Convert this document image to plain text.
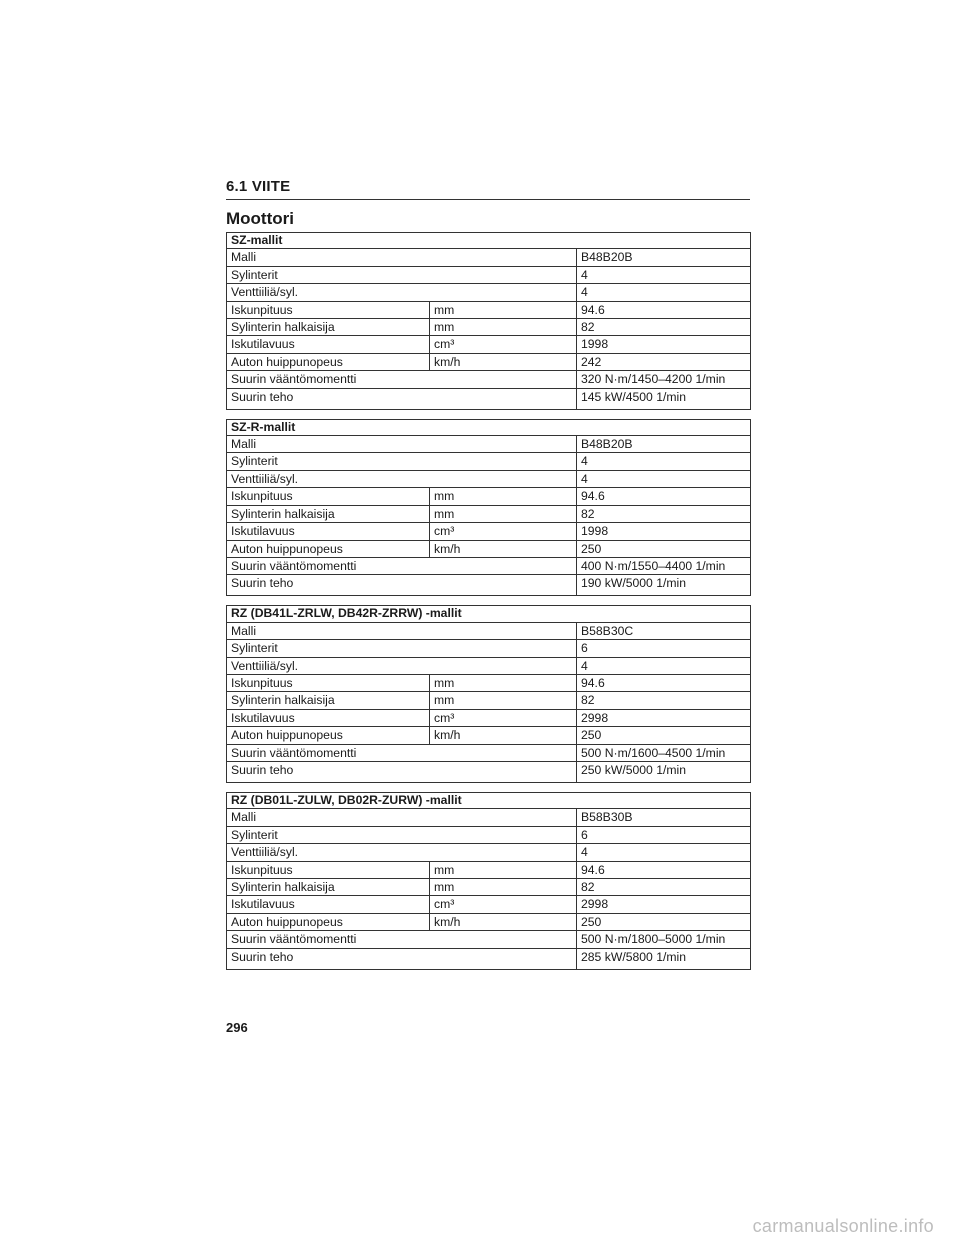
6.1 VIITE
Moottori
SZ-mallit		
Malli		B48B20B
Sylinterit		4
Venttiiliä/syl.		4
Iskunpituus	mm	94.6
Sylinterin halkaisija	mm	82
Iskutilavuus	cm³	1998
Auton huippunopeus	km/h	242
Suurin vääntömomentti		320 N·m/1450–4200 1/min
Suurin teho		145 kW/4500 1/min
SZ-R-mallit		
Malli		B48B20B
Sylinterit		4
Venttiiliä/syl.		4
Iskunpituus	mm	94.6
Sylinterin halkaisija	mm	82
Iskutilavuus	cm³	1998
Auton huippunopeus	km/h	250
Suurin vääntömomentti		400 N·m/1550–4400 1/min
Suurin teho		190 kW/5000 1/min
RZ (DB41L-ZRLW, DB42R-ZRRW) -mallit		
Malli		B58B30C
Sylinterit		6
Venttiiliä/syl.		4
Iskunpituus	mm	94.6
Sylinterin halkaisija	mm	82
Iskutilavuus	cm³	2998
Auton huippunopeus	km/h	250
Suurin vääntömomentti		500 N·m/1600–4500 1/min
Suurin teho		250 kW/5000 1/min
RZ (DB01L-ZULW, DB02R-ZURW) -mallit		
Malli		B58B30B
Sylinterit		6
Venttiiliä/syl.		4
Iskunpituus	mm	94.6
Sylinterin halkaisija	mm	82
Iskutilavuus	cm³	2998
Auton huippunopeus	km/h	250
Suurin vääntömomentti		500 N·m/1800–5000 1/min
Suurin teho		285 kW/5800 1/min
296
carmanualsonline.info
